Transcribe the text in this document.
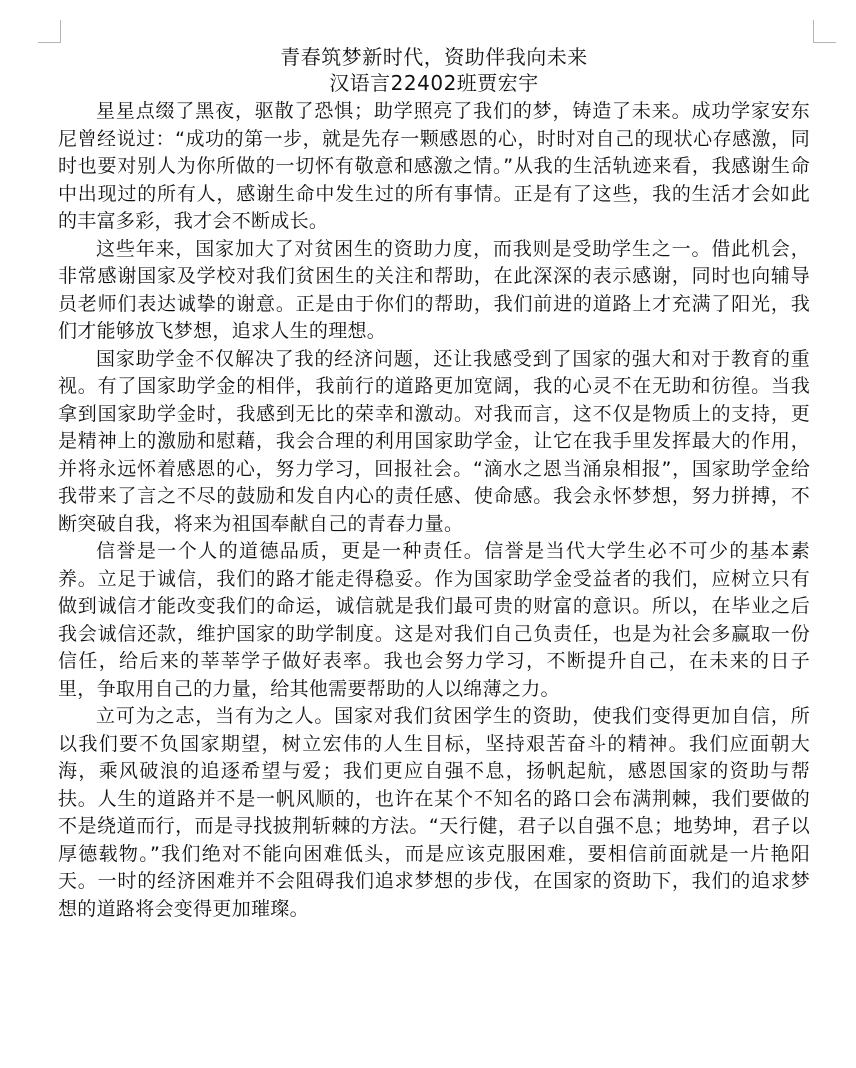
青春筑梦新时代，资助伴我向未来
汉语言22402班贾宏宇

星星点缀了黑夜，驱散了恐惧；助学照亮了我们的梦，铸造了未来。成功学家安东尼曾经说过：“成功的第一步，就是先存一颗感恩的心，时时对自己的现状心存感激，同时也要对别人为你所做的一切怀有敬意和感激之情。”从我的生活轨迹来看，我感谢生命中出现过的所有人，感谢生命中发生过的所有事情。正是有了这些，我的生活才会如此的丰富多彩，我才会不断成长。

这些年来，国家加大了对贫困生的资助力度，而我则是受助学生之一。借此机会，非常感谢国家及学校对我们贫困生的关注和帮助，在此深深的表示感谢，同时也向辅导员老师们表达诚挚的谢意。正是由于你们的帮助，我们前进的道路上才充满了阳光，我们才能够放飞梦想，追求人生的理想。

国家助学金不仅解决了我的经济问题，还让我感受到了国家的强大和对于教育的重视。有了国家助学金的相伴，我前行的道路更加宽阔，我的心灵不在无助和彷徨。当我拿到国家助学金时，我感到无比的荣幸和激动。对我而言，这不仅是物质上的支持，更是精神上的激励和慰藉，我会合理的利用国家助学金，让它在我手里发挥最大的作用，并将永远怀着感恩的心，努力学习，回报社会。“滴水之恩当涌泉相报”，国家助学金给我带来了言之不尽的鼓励和发自内心的责任感、使命感。我会永怀梦想，努力拼搏，不断突破自我，将来为祖国奉献自己的青春力量。

信誉是一个人的道德品质，更是一种责任。信誉是当代大学生必不可少的基本素养。立足于诚信，我们的路才能走得稳妥。作为国家助学金受益者的我们，应树立只有做到诚信才能改变我们的命运，诚信就是我们最可贵的财富的意识。所以，在毕业之后我会诚信还款，维护国家的助学制度。这是对我们自己负责任，也是为社会多赢取一份信任，给后来的莘莘学子做好表率。我也会努力学习，不断提升自己，在未来的日子里，争取用自己的力量，给其他需要帮助的人以绵薄之力。

立可为之志，当有为之人。国家对我们贫困学生的资助，使我们变得更加自信，所以我们要不负国家期望，树立宏伟的人生目标，坚持艰苦奋斗的精神。我们应面朝大海，乘风破浪的追逐希望与爱；我们更应自强不息，扬帆起航，感恩国家的资助与帮扶。人生的道路并不是一帆风顺的，也许在某个不知名的路口会布满荆棘，我们要做的不是绕道而行，而是寻找披荆斩棘的方法。“天行健，君子以自强不息；地势坤，君子以厚德载物。”我们绝对不能向困难低头，而是应该克服困难，要相信前面就是一片艳阳天。一时的经济困难并不会阻碍我们追求梦想的步伐，在国家的资助下，我们的追求梦想的道路将会变得更加璀璨。
